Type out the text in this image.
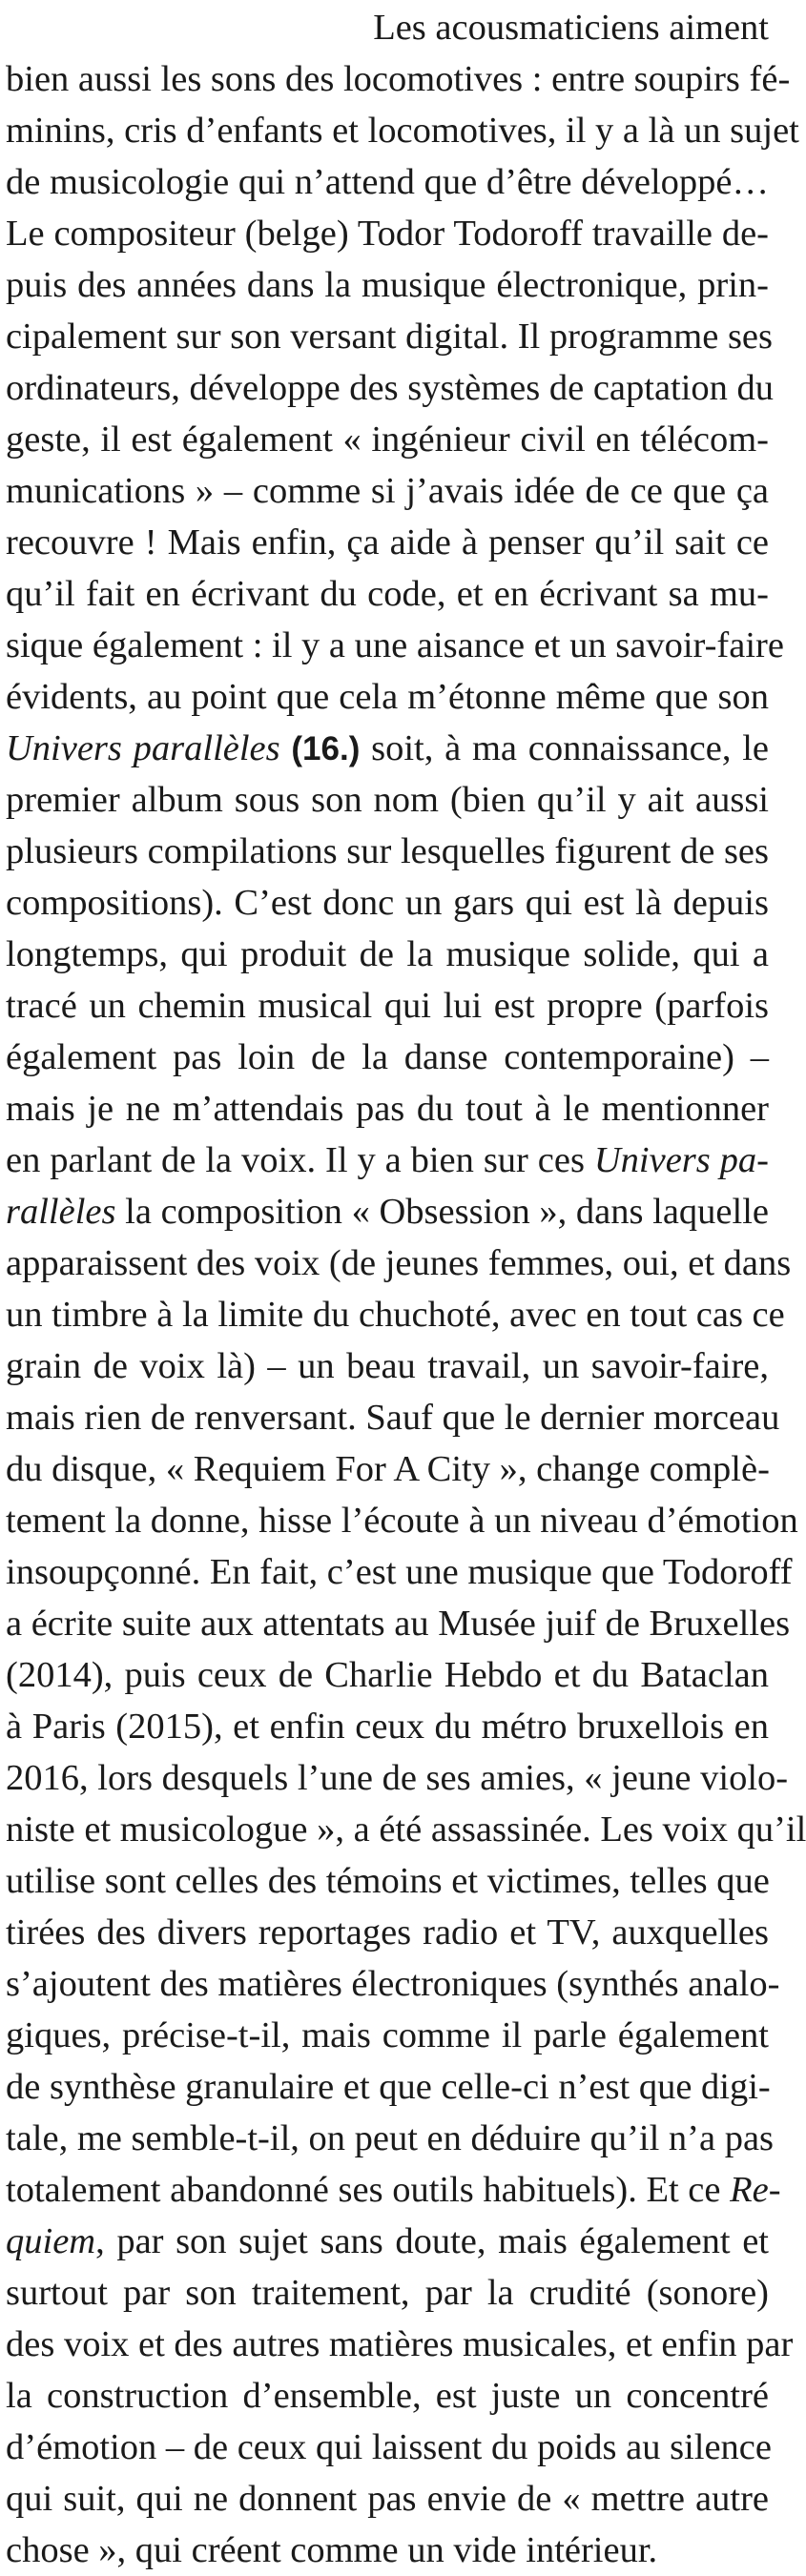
Les acousmaticiens aiment
bien aussi les sons des locomotives : entre soupirs fé-
minins, cris d’enfants et locomotives, il y a là un sujet
de musicologie qui n’attend que d’être développé…
Le compositeur (belge) Todor Todoroff travaille de-
puis des années dans la musique électronique, prin-
cipalement sur son versant digital. Il programme ses
ordinateurs, développe des systèmes de captation du
geste, il est également « ingénieur civil en télécom-
munications » – comme si j’avais idée de ce que ça
recouvre ! Mais enfin, ça aide à penser qu’il sait ce
qu’il fait en écrivant du code, et en écrivant sa mu-
sique également : il y a une aisance et un savoir-faire
évidents, au point que cela m’étonne même que son
Univers parallèles (16.) soit, à ma connaissance, le
premier album sous son nom (bien qu’il y ait aussi
plusieurs compilations sur lesquelles figurent de ses
compositions). C’est donc un gars qui est là depuis
longtemps, qui produit de la musique solide, qui a
tracé un chemin musical qui lui est propre (parfois
également pas loin de la danse contemporaine) –
mais je ne m’attendais pas du tout à le mentionner
en parlant de la voix. Il y a bien sur ces Univers pa-
rallèles la composition « Obsession », dans laquelle
apparaissent des voix (de jeunes femmes, oui, et dans
un timbre à la limite du chuchoté, avec en tout cas ce
grain de voix là) – un beau travail, un savoir-faire,
mais rien de renversant. Sauf que le dernier morceau
du disque, « Requiem For A City », change complè-
tement la donne, hisse l’écoute à un niveau d’émotion
insoupçonné. En fait, c’est une musique que Todoroff
a écrite suite aux attentats au Musée juif de Bruxelles
(2014), puis ceux de Charlie Hebdo et du Bataclan
à Paris (2015), et enfin ceux du métro bruxellois en
2016, lors desquels l’une de ses amies, « jeune violo-
niste et musicologue », a été assassinée. Les voix qu’il
utilise sont celles des témoins et victimes, telles que
tirées des divers reportages radio et TV, auxquelles
s’ajoutent des matières électroniques (synthés analo-
giques, précise-t-il, mais comme il parle également
de synthèse granulaire et que celle-ci n’est que digi-
tale, me semble-t-il, on peut en déduire qu’il n’a pas
totalement abandonné ses outils habituels). Et ce Re-
quiem, par son sujet sans doute, mais également et
surtout par son traitement, par la crudité (sonore)
des voix et des autres matières musicales, et enfin par
la construction d’ensemble, est juste un concentré
d’émotion – de ceux qui laissent du poids au silence
qui suit, qui ne donnent pas envie de « mettre autre
chose », qui créent comme un vide intérieur.
